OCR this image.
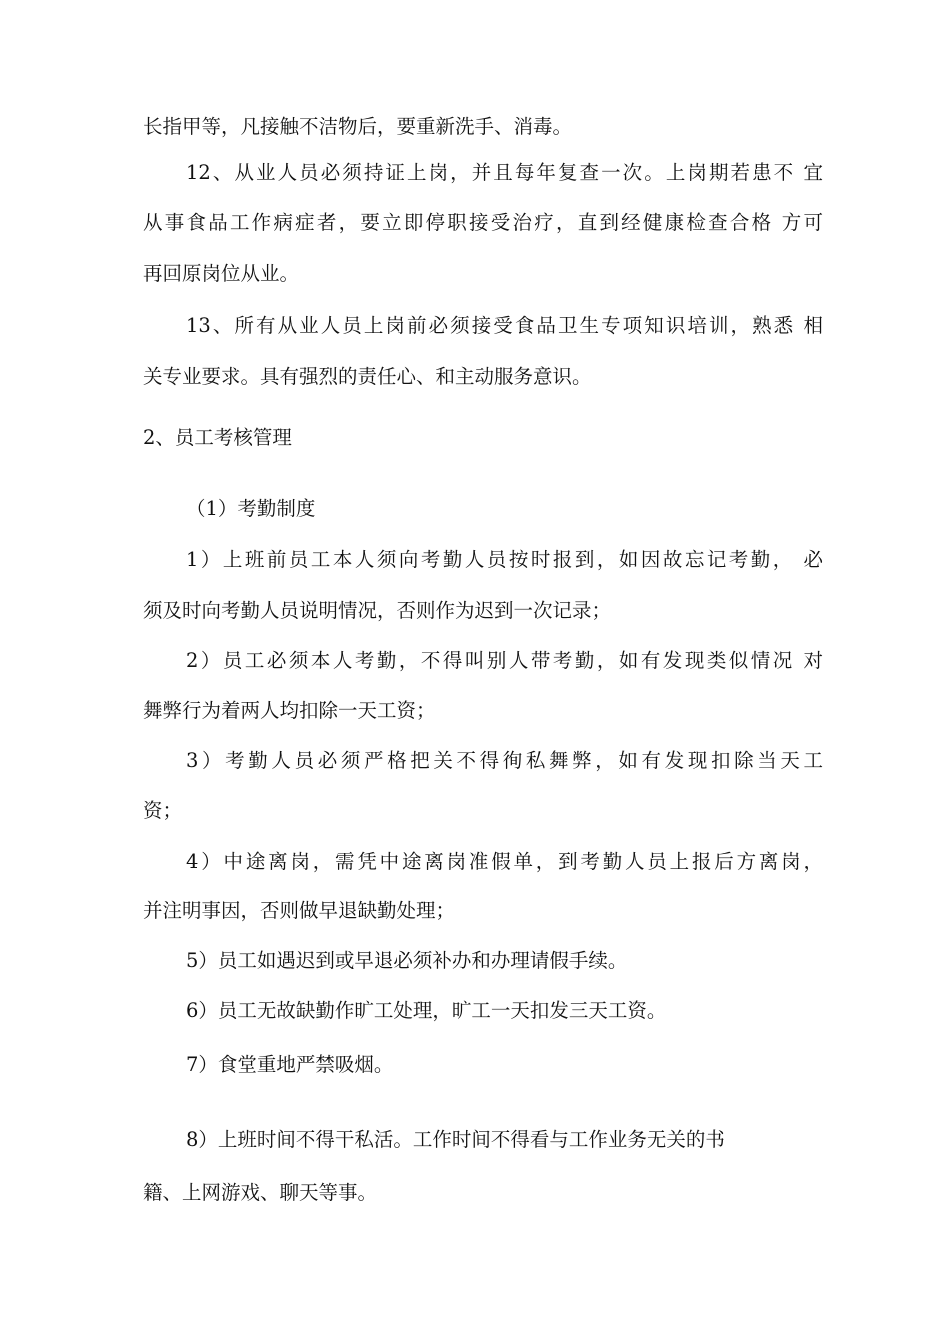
长指甲等，凡接触不洁物后，要重新洗手、消毒。
12、从业人员必须持证上岗，并且每年复查一次。上岗期若患不 宜
从事食品工作病症者，要立即停职接受治疗，直到经健康检查合格 方可
再回原岗位从业。
13、所有从业人员上岗前必须接受食品卫生专项知识培训，熟悉 相
关专业要求。具有强烈的责任心、和主动服务意识。
2、员工考核管理
（1）考勤制度
1）上班前员工本人须向考勤人员按时报到，如因故忘记考勤， 必
须及时向考勤人员说明情况，否则作为迟到一次记录；
2）员工必须本人考勤，不得叫别人带考勤，如有发现类似情况 对
舞弊行为着两人均扣除一天工资；
3）考勤人员必须严格把关不得徇私舞弊，如有发现扣除当天工
资；
4）中途离岗，需凭中途离岗准假单，到考勤人员上报后方离岗，
并注明事因，否则做早退缺勤处理；
5）员工如遇迟到或早退必须补办和办理请假手续。
6）员工无故缺勤作旷工处理，旷工一天扣发三天工资。
7）食堂重地严禁吸烟。
8）上班时间不得干私活。工作时间不得看与工作业务无关的书
籍、上网游戏、聊天等事。
